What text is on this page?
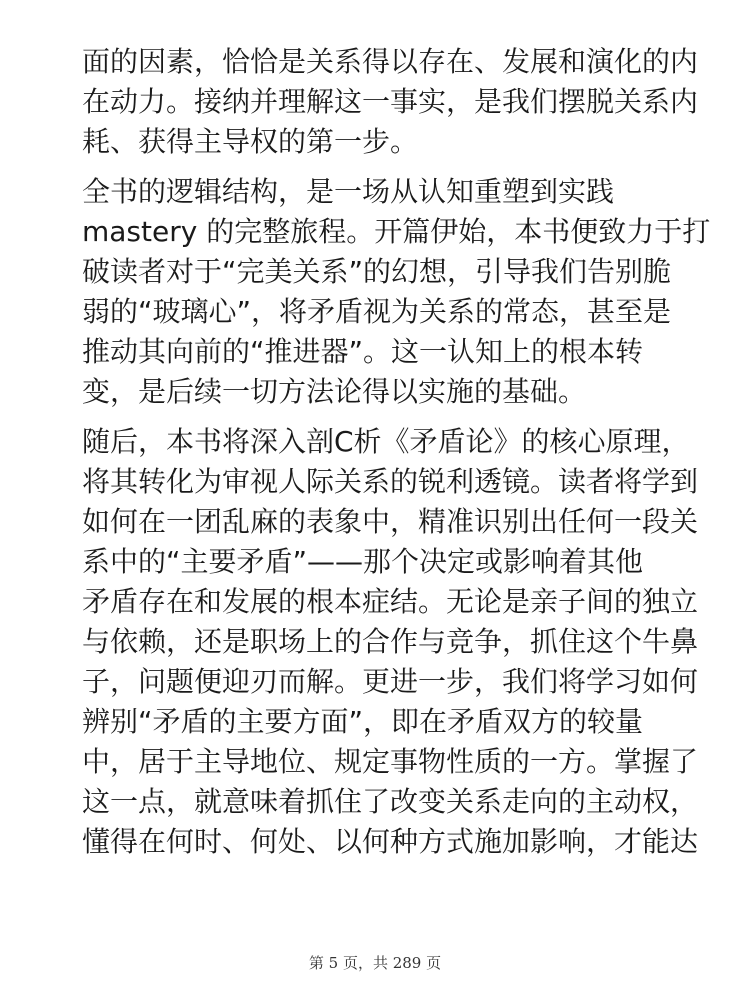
面的因素，恰恰是关系得以存在、发展和演化的内
在动力。接纳并理解这一事实，是我们摆脱关系内
耗、获得主导权的第一步。
全书的逻辑结构，是一场从认知重塑到实践
mastery 的完整旅程。开篇伊始，本书便致力于打
破读者对于“完美关系”的幻想，引导我们告别脆
弱的“玻璃心”，将矛盾视为关系的常态，甚至是
推动其向前的“推进器”。这一认知上的根本转
变，是后续一切方法论得以实施的基础。
随后，本书将深入剖C析《矛盾论》的核心原理，
将其转化为审视人际关系的锐利透镜。读者将学到
如何在一团乱麻的表象中，精准识别出任何一段关
系中的“主要矛盾”——那个决定或影响着其他
矛盾存在和发展的根本症结。无论是亲子间的独立
与依赖，还是职场上的合作与竞争，抓住这个牛鼻
子，问题便迎刃而解。更进一步，我们将学习如何
辨别“矛盾的主要方面”，即在矛盾双方的较量
中，居于主导地位、规定事物性质的一方。掌握了
这一点，就意味着抓住了改变关系走向的主动权，
懂得在何时、何处、以何种方式施加影响，才能达
第 5 页，共 289 页
